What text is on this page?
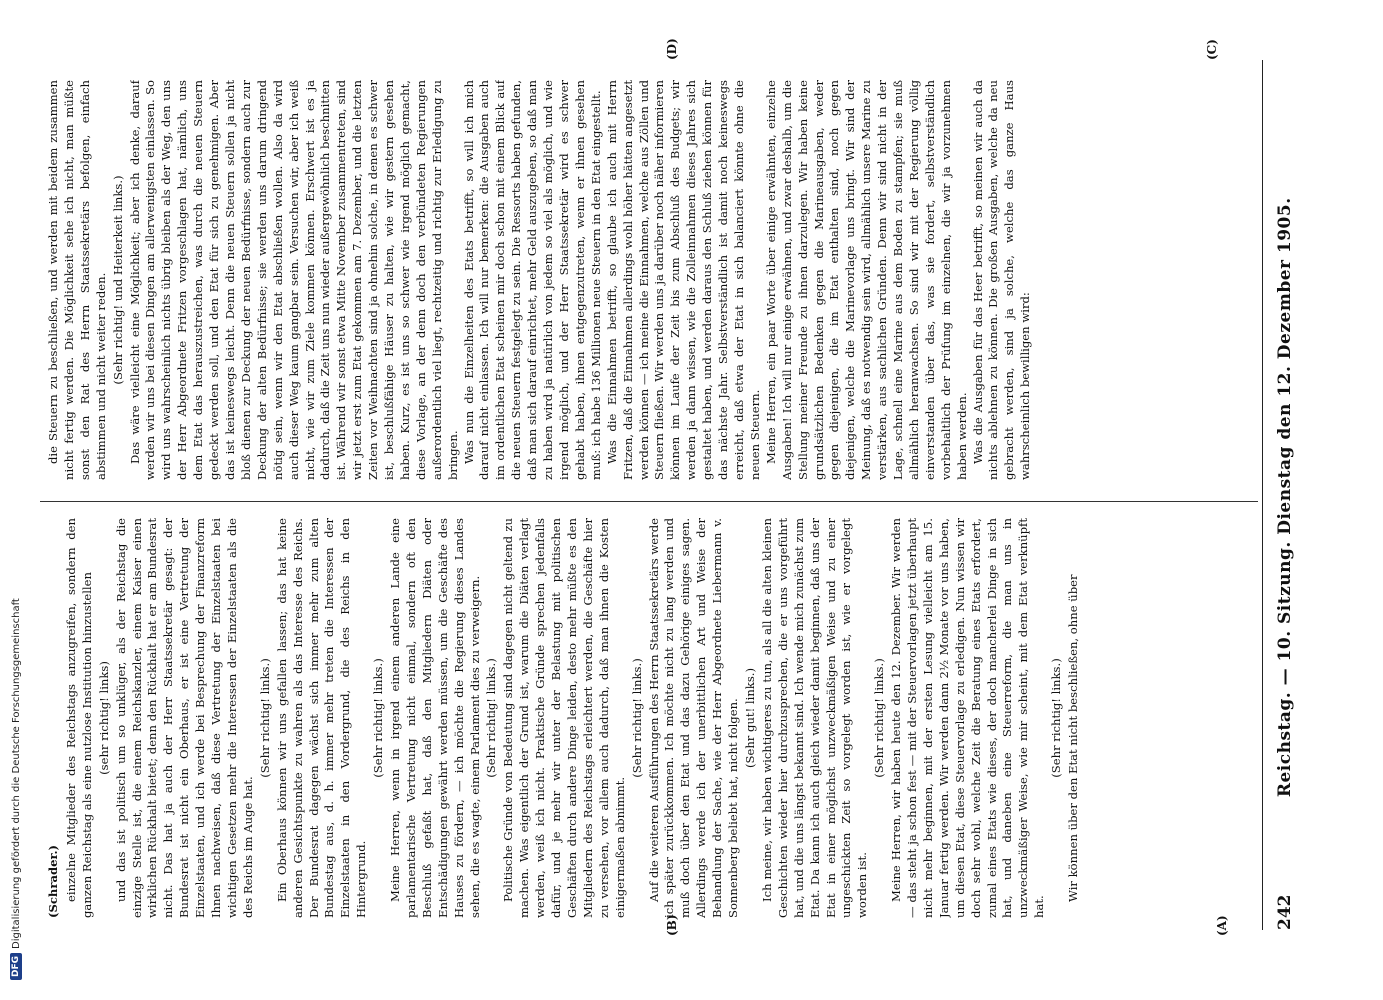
242
Reichstag. — 10. Sitzung. Dienstag den 12. Dezember 1905.
(A)
(B)
(C)
(D)

(Schrader.) einzelne Mitglieder des Reichstags anzugreifen, sondern den ganzen Reichstag als eine nutzlose Institution hinzustellen (sehr richtig! links) und das ist politisch um so unklüger, als der Reichstag die einzige Stelle ist, die einem Reichskanzler, einem Kaiser einen wirklichen Rückhalt bietet; denn den Rückhalt hat er am Bundesrat nicht. Das hat ja auch der Herr Staatssekretär gesagt: der Bundesrat ist nicht ein Oberhaus, er ist eine Vertretung der Einzelstaaten, und ich werde bei Besprechung der Finanzreform Ihnen nachweisen, daß diese Vertretung der Einzelstaaten bei wichtigen Gesetzen mehr die Interessen der Einzelstaaten als die des Reichs im Auge hat.

(Sehr richtig! links.) Ein Oberhaus können wir uns gefallen lassen; das hat keine anderen Gesichtspunkte zu wahren als das Interesse des Reichs. Der Bundesrat dagegen wächst sich immer mehr zum alten Bundestag aus, d. h. immer mehr treten die Interessen der Einzelstaaten in den Vordergrund, die des Reichs in den Hintergrund.

(Sehr richtig! links.) Meine Herren, wenn in irgend einem anderen Lande eine parlamentarische Vertretung nicht einmal, sondern oft den Beschluß gefaßt hat, daß den Mitgliedern Diäten oder Entschädigungen gewährt werden müssen, um die Geschäfte des Hauses zu fördern, — ich möchte die Regierung dieses Landes sehen, die es wagte, einem Parlament dies zu verweigern. (Sehr richtig! links.) Politische Gründe von Bedeutung sind dagegen nicht geltend zu machen. Was eigentlich der Grund ist, warum die Diäten verlagt werden, weiß ich nicht. Praktische Gründe sprechen jedenfalls dafür, und je mehr wir unter der Belastung mit politischen Geschäften durch andere Dinge leiden, desto mehr müßte es den Mitgliedern des Reichstags erleichtert werden, die Geschäfte hier zu versehen, vor allem auch dadurch, daß man ihnen die Kosten einigermaßen abnimmt.

(Sehr richtig! links.) Auf die weiteren Ausführungen des Herrn Staatssekretärs werde ich später zurückkommen. Ich möchte nicht zu lang werden und muß doch über den Etat und das dazu Gehörige einiges sagen. Allerdings werde ich der unerbittlichen Art und Weise der Behandlung der Sache, wie der Herr Abgeordnete Liebermann v. Sonnenberg beliebt hat, nicht folgen. (Sehr gut! links.) Ich meine, wir haben wichtigeres zu tun, als all die alten kleinen Geschichten wieder hier durchzusprechen, die er uns vorgeführt hat, und die uns längst bekannt sind. Ich wende mich zunächst zum Etat. Da kann ich auch gleich wieder damit beginnen, daß uns der Etat in einer möglichst unzweckmäßigen Weise und zu einer ungeschickten Zeit so vorgelegt worden ist, wie er vorgelegt worden ist.

(Sehr richtig! links.) Meine Herren, wir haben heute den 12. Dezember. Wir werden — das steht ja schon fest — mit der Steuervorlagen jetzt überhaupt nicht mehr beginnen, mit der ersten Lesung vielleicht am 15. Januar fertig werden. Wir werden dann 2½ Monate vor uns haben, um diesen Etat, diese Steuervorlage zu erledigen. Nun wissen wir doch sehr wohl, welche Zeit die Beratung eines Etats erfordert, zumal eines Etats wie dieses, der doch mancherlei Dinge in sich hat, und daneben eine Steuerreform, die man uns in unzweckmäßiger Weise, wie mir scheint, mit dem Etat verknüpft hat.

(Sehr richtig! links.) Wir können über den Etat nicht beschließen, ohne über

die Steuern zu beschließen, und werden mit beidem zusammen nicht fertig werden. Die Möglichkeit sehe ich nicht, man müßte sonst den Rat des Herrn Staatssekretärs befolgen, einfach abstimmen und nicht weiter reden. (Sehr richtig! und Heiterkeit links.) Das wäre vielleicht eine Möglichkeit; aber ich denke, darauf werden wir uns bei diesen Dingen am allerwenigsten einlassen. So wird uns wahrscheinlich nichts übrig bleiben als der Weg, den uns der Herr Abgeordnete Fritzen vorgeschlagen hat, nämlich, uns dem Etat das herauszustreichen, was durch die neuen Steuern gedeckt werden soll, und den Etat für sich zu genehmigen. Aber das ist keineswegs leicht. Denn die neuen Steuern sollen ja nicht bloß dienen zur Deckung der neuen Bedürfnisse, sondern auch zur Deckung der alten Bedürfnisse; sie werden uns darum dringend nötig sein, wenn wir den Etat abschließen wollen. Also da wird auch dieser Weg kaum gangbar sein. Versuchen wir, aber ich weiß nicht, wie wir zum Ziele kommen können. Erschwert ist es ja dadurch, daß die Zeit uns nun wieder außergewöhnlich beschnitten ist. Während wir sonst etwa Mitte November zusammentreten, sind wir jetzt erst zum Etat gekommen am 7. Dezember, und die letzten Zeiten vor Weihnachten sind ja ohnehin solche, in denen es schwer ist, beschlußfähige Häuser zu halten, wie wir gestern gesehen haben. Kurz, es ist uns so schwer wie irgend möglich gemacht, diese Vorlage, an der denn doch den verbündeten Regierungen außerordentlich viel liegt, rechtzeitig und richtig zur Erledigung zu bringen. Was nun die Einzelheiten des Etats betrifft, so will ich mich darauf nicht einlassen. Ich will nur bemerken: die Ausgaben auch im ordentlichen Etat scheinen mir doch schon mit einem Blick auf die neuen Steuern festgelegt zu sein. Die Ressorts haben gefunden, daß man sich darauf einrichtet, mehr Geld auszugeben, so daß man zu haben wird ja natürlich von jedem so viel als möglich, und wie irgend möglich, und der Herr Staatssekretär wird es schwer gehabt haben, ihnen entgegenzutreten, wenn er ihnen gesehen muß: ich habe 136 Millionen neue Steuern in den Etat eingestellt. Was die Einnahmen betrifft, so glaube ich auch mit Herrn Fritzen, daß die Einnahmen allerdings wohl höher hätten angesetzt werden können — ich meine die Einnahmen, welche aus Zöllen und Steuern fließen. Wir werden uns ja darüber noch näher informieren können im Laufe der Zeit bis zum Abschluß des Budgets; wir werden ja dann wissen, wie die Zolleinnahmen dieses Jahres sich gestaltet haben, und werden daraus den Schluß ziehen können für das nächste Jahr. Selbstverständlich ist damit noch keineswegs erreicht, daß etwa der Etat in sich balanciert könnte ohne die neuen Steuern. Meine Herren, ein paar Worte über einige erwähnten, einzelne Ausgaben! Ich will nur einige erwähnen, und zwar deshalb, um die Stellung meiner Freunde zu ihnen darzulegen. Wir haben keine grundsätzlichen Bedenken gegen die Marineausgaben, weder gegen diejenigen, die im Etat enthalten sind, noch gegen diejenigen, welche die Marinevorlage uns bringt. Wir sind der Meinung, daß es notwendig sein wird, allmählich unsere Marine zu verstärken, aus sachlichen Gründen. Denn wir sind nicht in der Lage, schnell eine Marine aus dem Boden zu stampfen; sie muß allmählich heranwachsen. So sind wir mit der Regierung völlig einverstanden über das, was sie fordert, selbstverständlich vorbehaltlich der Prüfung im einzelnen, die wir ja vorzunehmen haben werden. Was die Ausgaben für das Heer betrifft, so meinen wir auch da nichts ablehnen zu können. Die großen Ausgaben, welche da neu gebracht werden, sind ja solche, welche das ganze Haus wahrscheinlich bewilligen wird:

DFG
Digitalisierung gefördert durch die Deutsche Forschungsgemeinschaft
